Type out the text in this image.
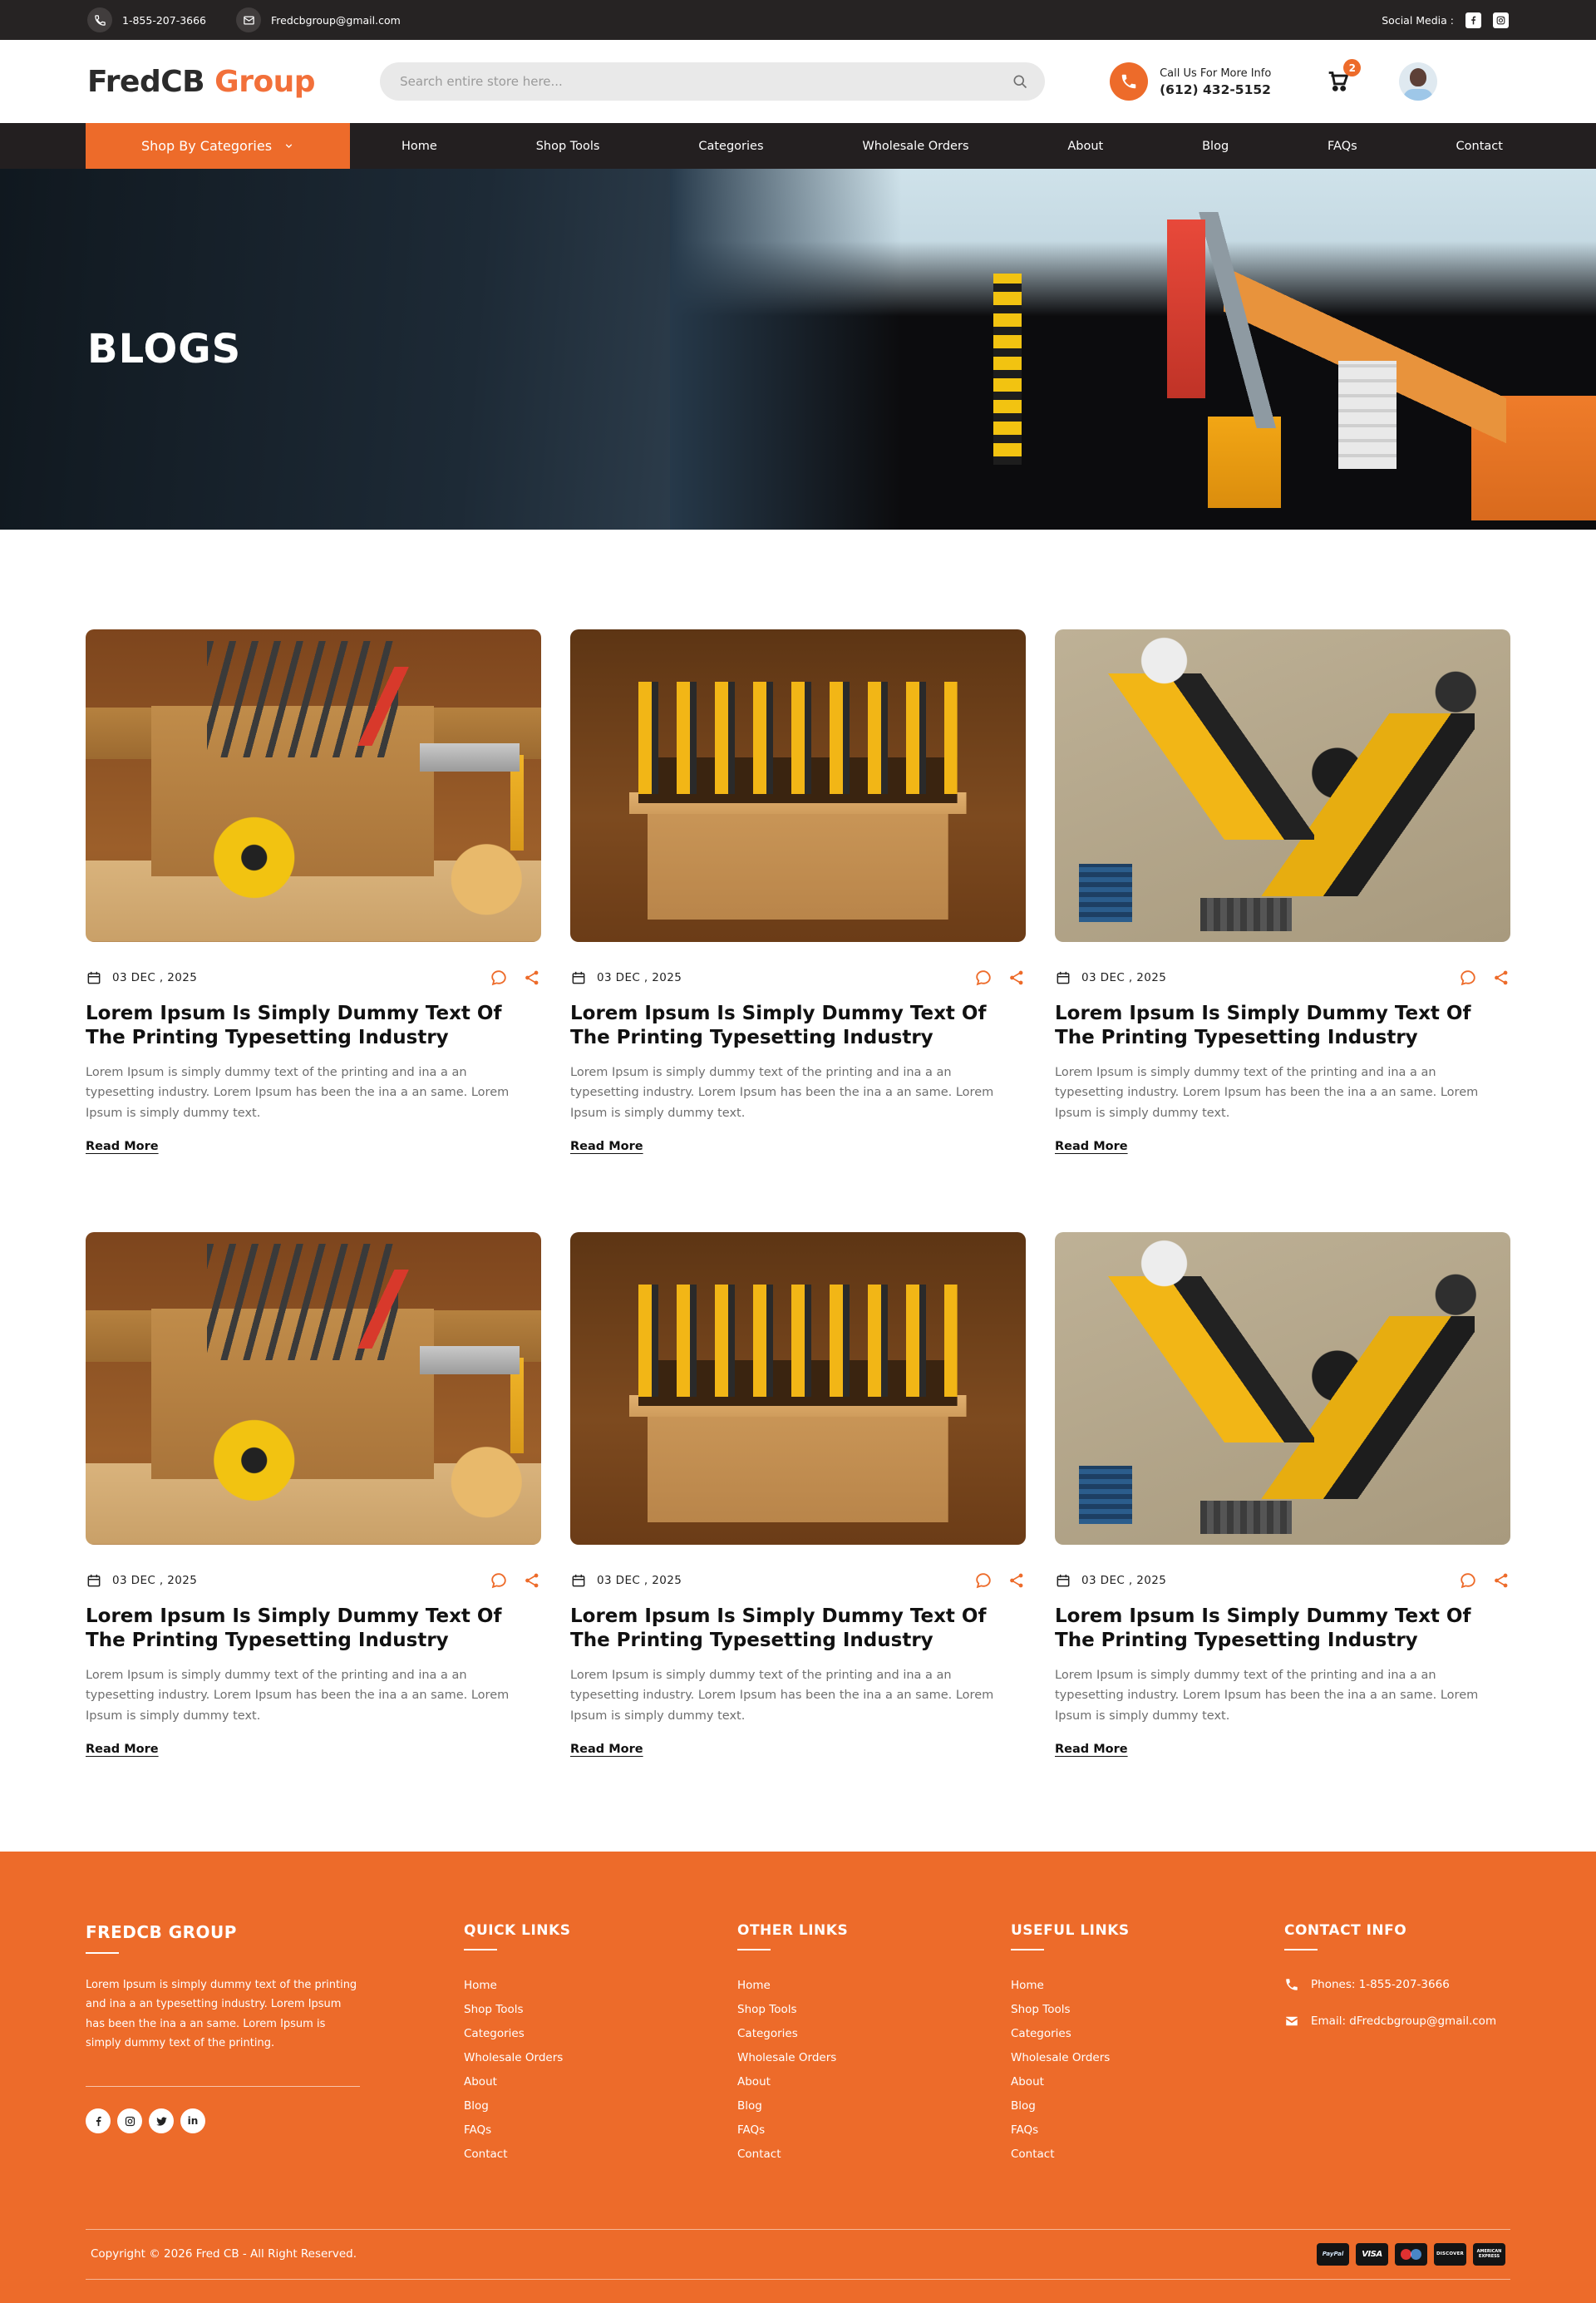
1-855-207-3666	Fredcbgroup@gmail.com	Social Media :
FredCB Group
Search entire store here...	Call Us For More Info
(612) 432-5152
2
Shop By Categories	Home	Shop Tools	Categories	Wholesale Orders	About	Blog	FAQs	Contact
BLOGS
03 DEC , 2025
Lorem Ipsum Is Simply Dummy Text Of The Printing Typesetting Industry
Lorem Ipsum is simply dummy text of the printing and ina a an typesetting industry. Lorem Ipsum has been the ina a an same. Lorem Ipsum is simply dummy text.
Read More
03 DEC , 2025
Lorem Ipsum Is Simply Dummy Text Of The Printing Typesetting Industry
Lorem Ipsum is simply dummy text of the printing and ina a an typesetting industry. Lorem Ipsum has been the ina a an same. Lorem Ipsum is simply dummy text.
Read More
03 DEC , 2025
Lorem Ipsum Is Simply Dummy Text Of The Printing Typesetting Industry
Lorem Ipsum is simply dummy text of the printing and ina a an typesetting industry. Lorem Ipsum has been the ina a an same. Lorem Ipsum is simply dummy text.
Read More
03 DEC , 2025
Lorem Ipsum Is Simply Dummy Text Of The Printing Typesetting Industry
Lorem Ipsum is simply dummy text of the printing and ina a an typesetting industry. Lorem Ipsum has been the ina a an same. Lorem Ipsum is simply dummy text.
Read More
03 DEC , 2025
Lorem Ipsum Is Simply Dummy Text Of The Printing Typesetting Industry
Lorem Ipsum is simply dummy text of the printing and ina a an typesetting industry. Lorem Ipsum has been the ina a an same. Lorem Ipsum is simply dummy text.
Read More
03 DEC , 2025
Lorem Ipsum Is Simply Dummy Text Of The Printing Typesetting Industry
Lorem Ipsum is simply dummy text of the printing and ina a an typesetting industry. Lorem Ipsum has been the ina a an same. Lorem Ipsum is simply dummy text.
Read More
FREDCB GROUP

Lorem Ipsum is simply dummy text of the printing and ina a an typesetting industry. Lorem Ipsum has been the ina a an same. Lorem Ipsum is simply dummy text of the printing.

in
QUICK LINKS
Home
Shop Tools
Categories
Wholesale Orders
About
Blog
FAQs
Contact
OTHER LINKS
Home
Shop Tools
Categories
Wholesale Orders
About
Blog
FAQs
Contact
USEFUL LINKS
Home
Shop Tools
Categories
Wholesale Orders
About
Blog
FAQs
Contact
CONTACT INFO
Phones: 1-855-207-3666
Email: dFredcbgroup@gmail.com
Copyright © 2026 Fred CB - All Right Reserved.	PayPal	VISA	DISCOVER	AMERICAN EXPRESS
